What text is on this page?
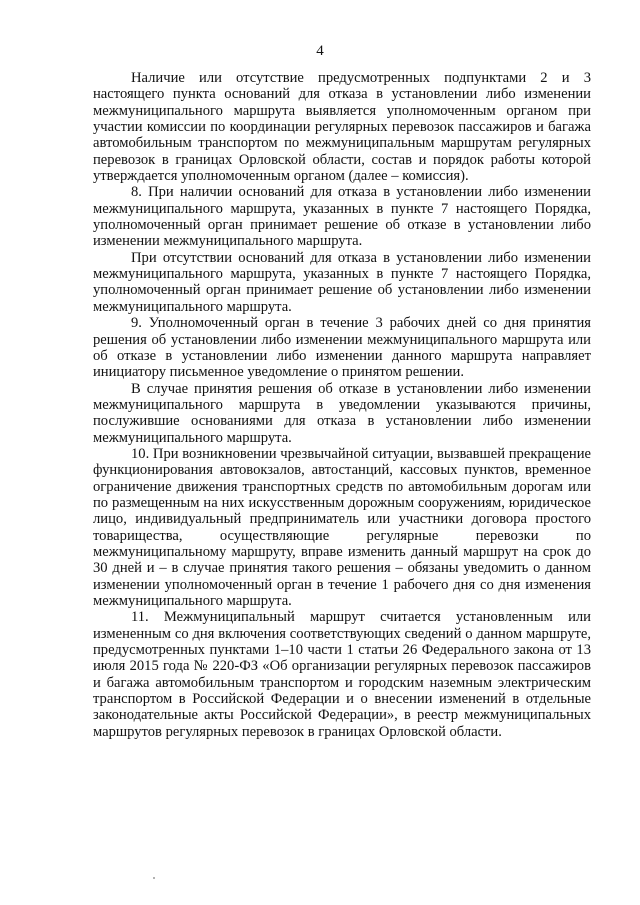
4

Наличие или отсутствие предусмотренных подпунктами 2 и 3 настоящего пункта оснований для отказа в установлении либо изменении межмуниципального маршрута выявляется уполномоченным органом при участии комиссии по координации регулярных перевозок пассажиров и багажа автомобильным транспортом по межмуниципальным маршрутам регулярных перевозок в границах Орловской области, состав и порядок работы которой утверждается уполномоченным органом (далее – комиссия).

8. При наличии оснований для отказа в установлении либо изменении межмуниципального маршрута, указанных в пункте 7 настоящего Порядка, уполномоченный орган принимает решение об отказе в установлении либо изменении межмуниципального маршрута.

При отсутствии оснований для отказа в установлении либо изменении межмуниципального маршрута, указанных в пункте 7 настоящего Порядка, уполномоченный орган принимает решение об установлении либо изменении межмуниципального маршрута.

9. Уполномоченный орган в течение 3 рабочих дней со дня принятия решения об установлении либо изменении межмуниципального маршрута или об отказе в установлении либо изменении данного маршрута направляет инициатору письменное уведомление о принятом решении.

В случае принятия решения об отказе в установлении либо изменении межмуниципального маршрута в уведомлении указываются причины, послужившие основаниями для отказа в установлении либо изменении межмуниципального маршрута.

10. При возникновении чрезвычайной ситуации, вызвавшей прекращение функционирования автовокзалов, автостанций, кассовых пунктов, временное ограничение движения транспортных средств по автомобильным дорогам или по размещенным на них искусственным дорожным сооружениям, юридическое лицо, индивидуальный предприниматель или участники договора простого товарищества, осуществляющие регулярные перевозки по межмуниципальному маршруту, вправе изменить данный маршрут на срок до 30 дней и – в случае принятия такого решения – обязаны уведомить о данном изменении уполномоченный орган в течение 1 рабочего дня со дня изменения межмуниципального маршрута.

11. Межмуниципальный маршрут считается установленным или измененным со дня включения соответствующих сведений о данном маршруте, предусмотренных пунктами 1–10 части 1 статьи 26 Федерального закона от 13 июля 2015 года № 220-ФЗ «Об организации регулярных перевозок пассажиров и багажа автомобильным транспортом и городским наземным электрическим транспортом в Российской Федерации и о внесении изменений в отдельные законодательные акты Российской Федерации», в реестр межмуниципальных маршрутов регулярных перевозок в границах Орловской области.
